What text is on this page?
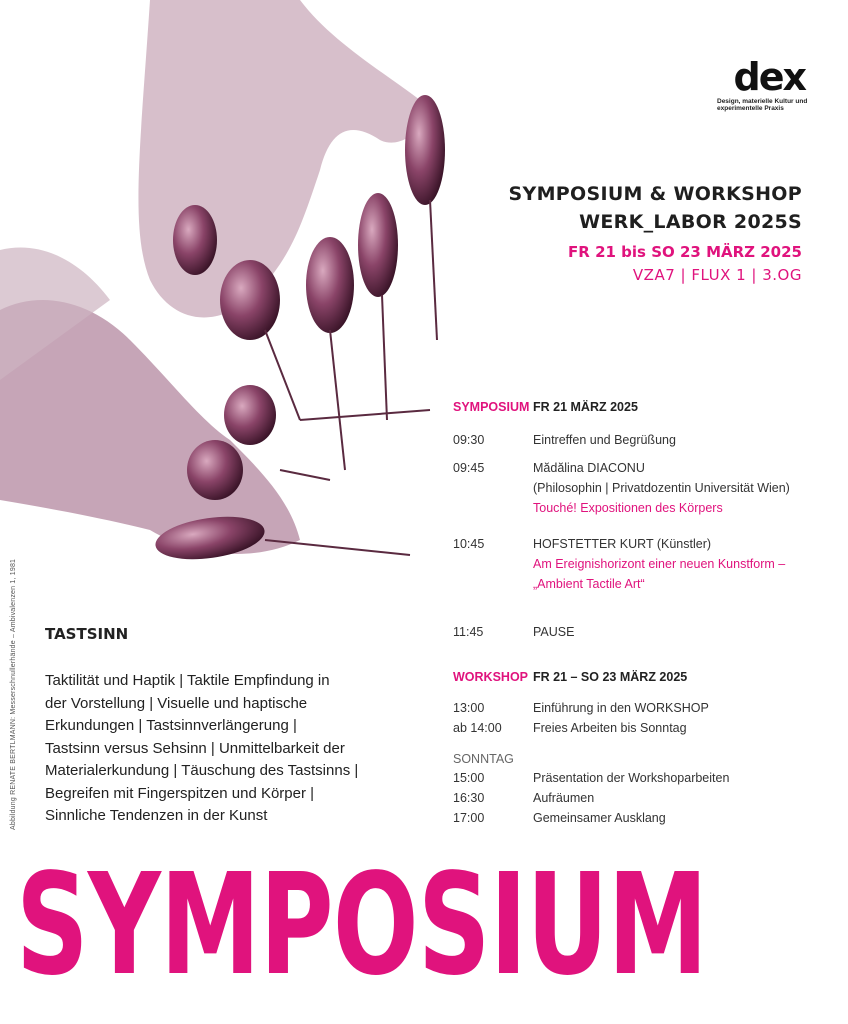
Abbildung RENATE BERTLMANN: Messerschnullerhände – Ambivalenzen 1, 1981
dex
Design, materielle Kultur und
experimentelle Praxis
SYMPOSIUM & WORKSHOP
WERK_LABOR 2025S
FR 21 bis SO 23 MÄRZ 2025
VZA7 | FLUX 1 | 3.OG
SYMPOSIUM FR 21 MÄRZ 2025
09:30	Eintreffen und Begrüßung
09:45	Mădălina DIACONU
(Philosophin | Privatdozentin Universität Wien)
Touché! Expositionen des Körpers
10:45	HOFSTETTER KURT (Künstler)
Am Ereignishorizont einer neuen Kunstform –
„Ambient Tactile Art“
11:45	PAUSE
WORKSHOP FR 21 – SO 23 MÄRZ 2025
13:00	Einführung in den WORKSHOP
ab 14:00	Freies Arbeiten bis Sonntag
SONNTAG
15:00	Präsentation der Workshoparbeiten
16:30	Aufräumen
17:00	Gemeinsamer Ausklang
TASTSINN
Taktilität und Haptik | Taktile Empfindung in
der Vorstellung | Visuelle und haptische
Erkundungen | Tastsinnverlängerung |
Tastsinn versus Sehsinn | Unmittelbarkeit der
Materialerkundung | Täuschung des Tastsinns |
Begreifen mit Fingerspitzen und Körper |
Sinnliche Tendenzen in der Kunst
SYMPOSIUM
